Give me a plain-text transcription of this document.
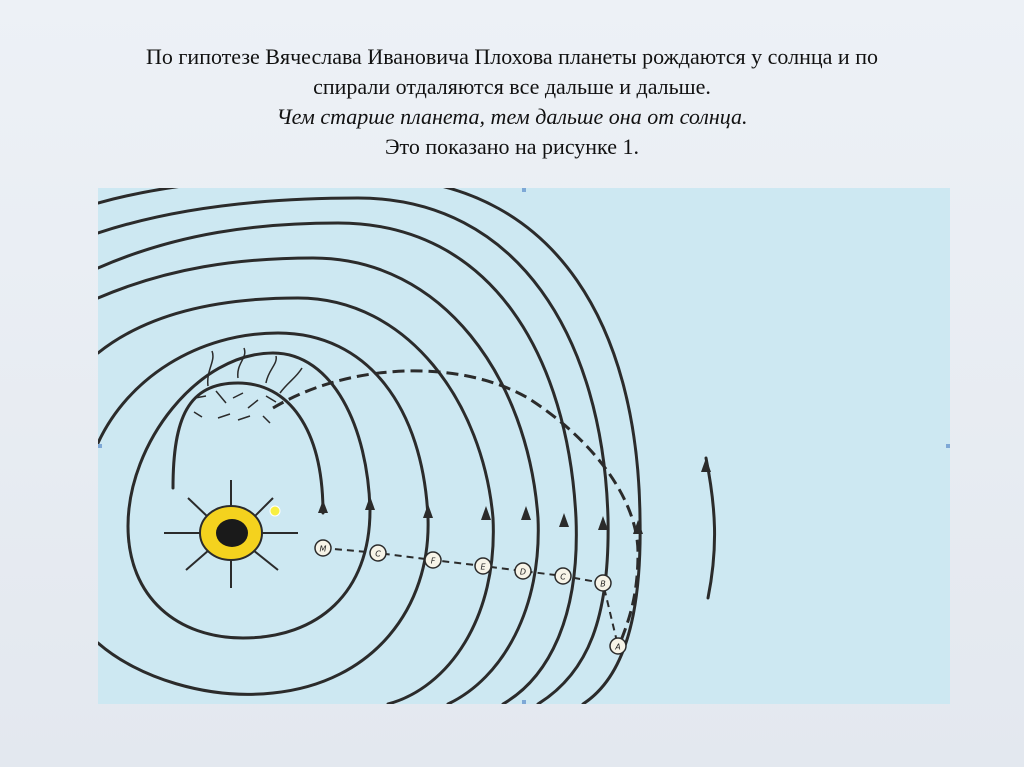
По гипотезе Вячеслава Ивановича Плохова планеты рождаются у солнца и по
спирали отдаляются все дальше и дальше.
Чем старше планета, тем дальше она от солнца.
Это показано на рисунке 1.
M
C
F
E
D
C
B
A
